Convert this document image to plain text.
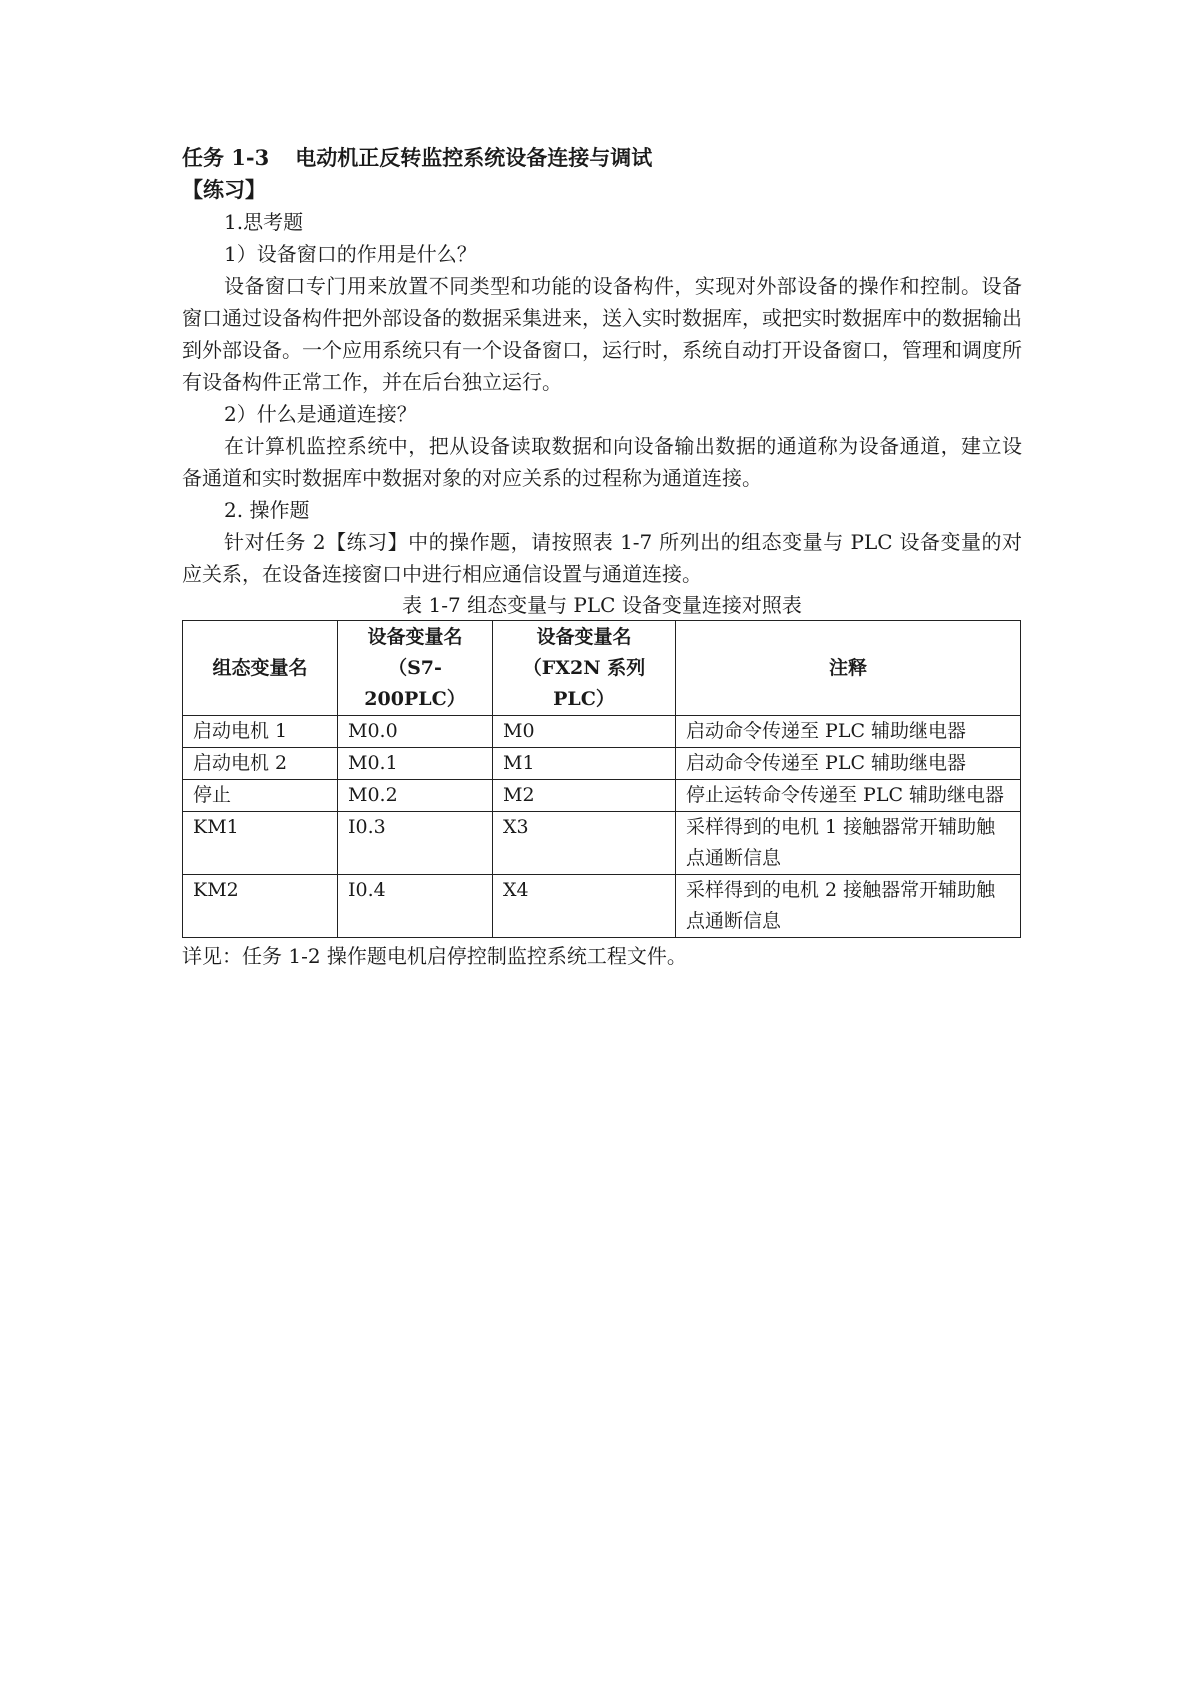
任务 1-3 电动机正反转监控系统设备连接与调试
【练习】
1.思考题
1）设备窗口的作用是什么？
设备窗口专门用来放置不同类型和功能的设备构件，实现对外部设备的操作和控制。设备窗口通过设备构件把外部设备的数据采集进来，送入实时数据库，或把实时数据库中的数据输出到外部设备。一个应用系统只有一个设备窗口，运行时，系统自动打开设备窗口，管理和调度所有设备构件正常工作，并在后台独立运行。
2）什么是通道连接？
在计算机监控系统中，把从设备读取数据和向设备输出数据的通道称为设备通道，建立设备通道和实时数据库中数据对象的对应关系的过程称为通道连接。
2. 操作题
针对任务 2【练习】中的操作题，请按照表 1-7 所列出的组态变量与 PLC 设备变量的对应关系，在设备连接窗口中进行相应通信设置与通道连接。
表 1-7 组态变量与 PLC 设备变量连接对照表
组态变量名	设备变量名（S7-200PLC）	设备变量名（FX2N 系列 PLC）	注释
启动电机 1	M0.0	M0	启动命令传递至 PLC 辅助继电器
启动电机 2	M0.1	M1	启动命令传递至 PLC 辅助继电器
停止	M0.2	M2	停止运转命令传递至 PLC 辅助继电器
KM1	I0.3	X3	采样得到的电机 1 接触器常开辅助触点通断信息
KM2	I0.4	X4	采样得到的电机 2 接触器常开辅助触点通断信息
详见：任务 1-2 操作题电机启停控制监控系统工程文件。
